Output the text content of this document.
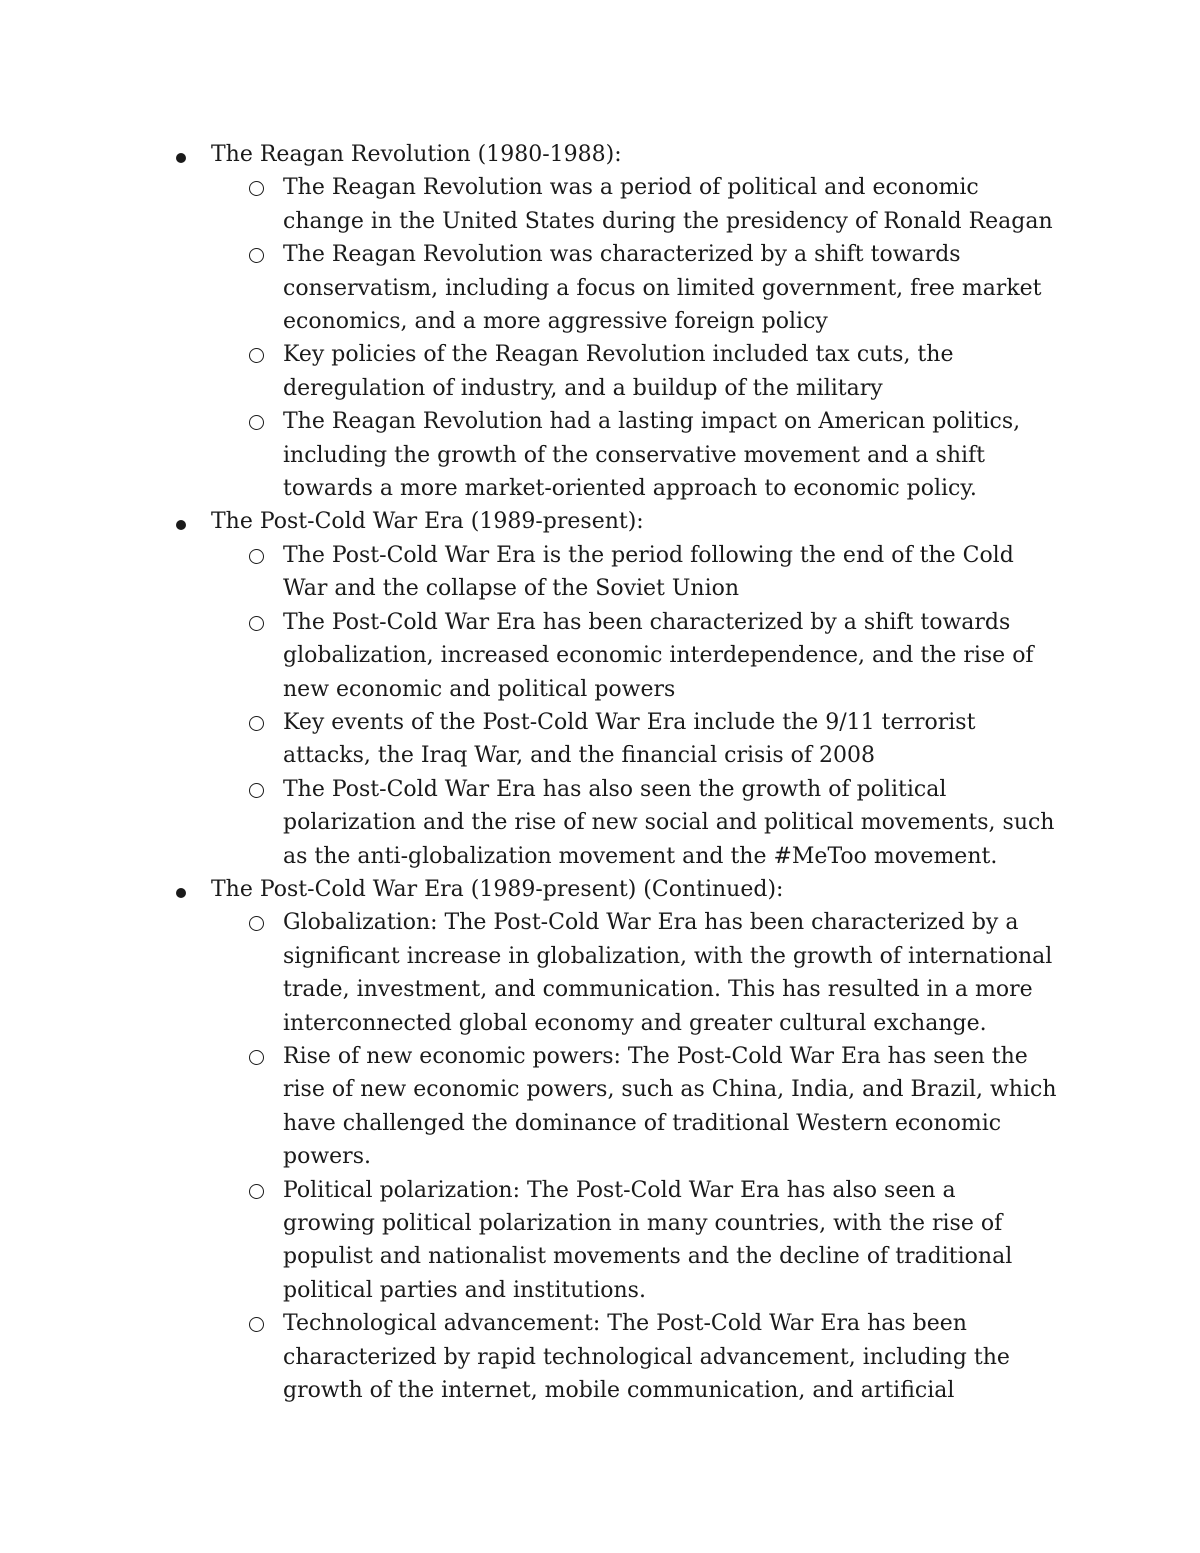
The Reagan Revolution (1980-1988):
The Reagan Revolution was a period of political and economic
change in the United States during the presidency of Ronald Reagan
The Reagan Revolution was characterized by a shift towards
conservatism, including a focus on limited government, free market
economics, and a more aggressive foreign policy
Key policies of the Reagan Revolution included tax cuts, the
deregulation of industry, and a buildup of the military
The Reagan Revolution had a lasting impact on American politics,
including the growth of the conservative movement and a shift
towards a more market-oriented approach to economic policy.
The Post-Cold War Era (1989-present):
The Post-Cold War Era is the period following the end of the Cold
War and the collapse of the Soviet Union
The Post-Cold War Era has been characterized by a shift towards
globalization, increased economic interdependence, and the rise of
new economic and political powers
Key events of the Post-Cold War Era include the 9/11 terrorist
attacks, the Iraq War, and the financial crisis of 2008
The Post-Cold War Era has also seen the growth of political
polarization and the rise of new social and political movements, such
as the anti-globalization movement and the #MeToo movement.
The Post-Cold War Era (1989-present) (Continued):
Globalization: The Post-Cold War Era has been characterized by a
significant increase in globalization, with the growth of international
trade, investment, and communication. This has resulted in a more
interconnected global economy and greater cultural exchange.
Rise of new economic powers: The Post-Cold War Era has seen the
rise of new economic powers, such as China, India, and Brazil, which
have challenged the dominance of traditional Western economic
powers.
Political polarization: The Post-Cold War Era has also seen a
growing political polarization in many countries, with the rise of
populist and nationalist movements and the decline of traditional
political parties and institutions.
Technological advancement: The Post-Cold War Era has been
characterized by rapid technological advancement, including the
growth of the internet, mobile communication, and artificial
